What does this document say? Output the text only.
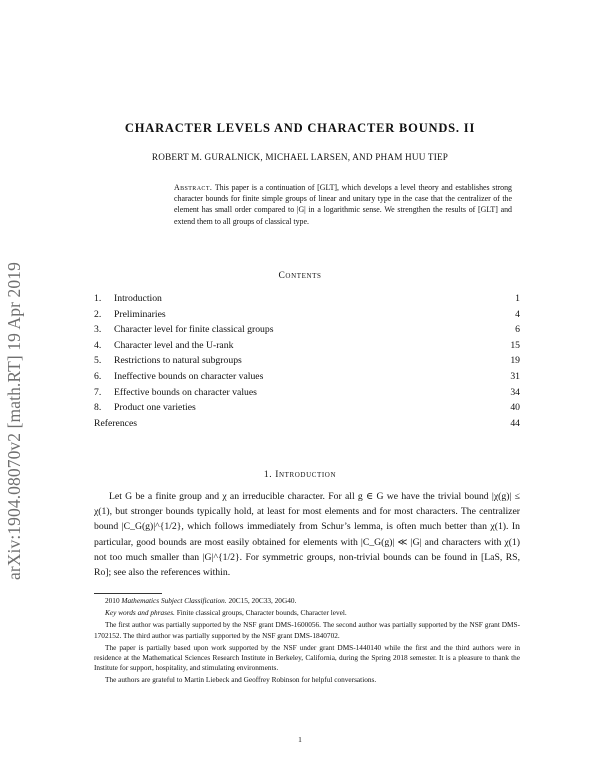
arXiv:1904.08070v2 [math.RT] 19 Apr 2019
CHARACTER LEVELS AND CHARACTER BOUNDS. II
ROBERT M. GURALNICK, MICHAEL LARSEN, AND PHAM HUU TIEP
Abstract. This paper is a continuation of [GLT], which develops a level theory and establishes strong character bounds for finite simple groups of linear and unitary type in the case that the centralizer of the element has small order compared to |G| in a logarithmic sense. We strengthen the results of [GLT] and extend them to all groups of classical type.
Contents
1. Introduction	1
2. Preliminaries	4
3. Character level for finite classical groups	6
4. Character level and the U-rank	15
5. Restrictions to natural subgroups	19
6. Ineffective bounds on character values	31
7. Effective bounds on character values	34
8. Product one varieties	40
References	44
1. Introduction
Let G be a finite group and χ an irreducible character. For all g ∈ G we have the trivial bound |χ(g)| ≤ χ(1), but stronger bounds typically hold, at least for most elements and for most characters. The centralizer bound |C_G(g)|^{1/2}, which follows immediately from Schur’s lemma, is often much better than χ(1). In particular, good bounds are most easily obtained for elements with |C_G(g)| ≪ |G| and characters with χ(1) not too much smaller than |G|^{1/2}. For symmetric groups, non-trivial bounds can be found in [LaS, RS, Ro]; see also the references within.

2010 Mathematics Subject Classification. 20C15, 20C33, 20G40.

Key words and phrases. Finite classical groups, Character bounds, Character level.

The first author was partially supported by the NSF grant DMS-1600056. The second author was partially supported by the NSF grant DMS-1702152. The third author was partially supported by the NSF grant DMS-1840702.

The paper is partially based upon work supported by the NSF under grant DMS-1440140 while the first and the third authors were in residence at the Mathematical Sciences Research Institute in Berkeley, California, during the Spring 2018 semester. It is a pleasure to thank the Institute for support, hospitality, and stimulating environments.

The authors are grateful to Martin Liebeck and Geoffrey Robinson for helpful conversations.

1
